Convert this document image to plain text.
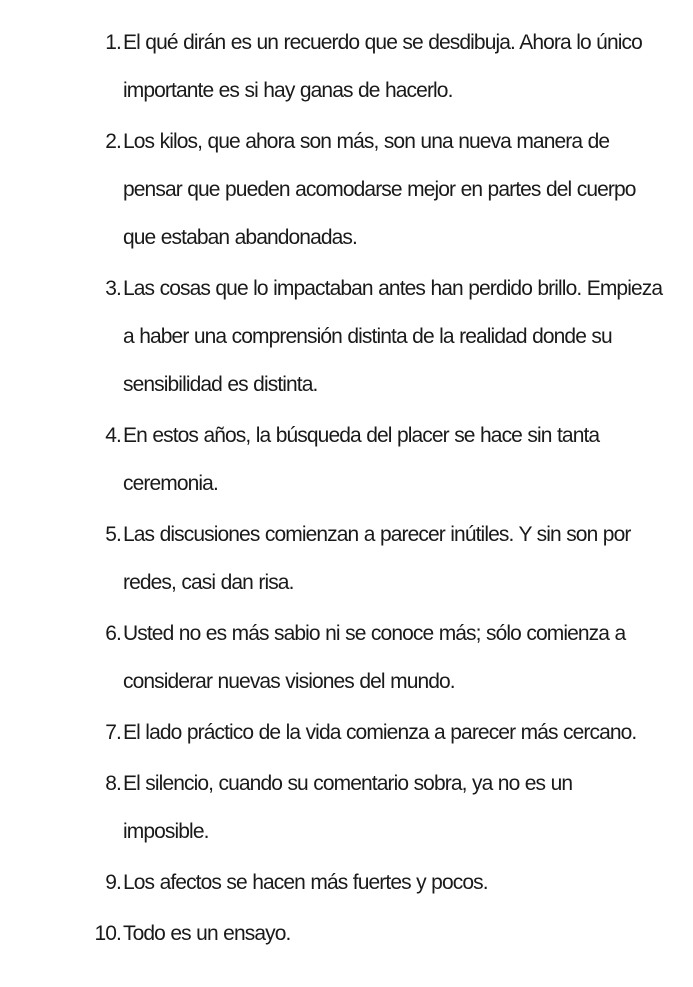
1. El qué dirán es un recuerdo que se desdibuja. Ahora lo único importante es si hay ganas de hacerlo.
2. Los kilos, que ahora son más, son una nueva manera de pensar que pueden acomodarse mejor en partes del cuerpo que estaban abandonadas.
3. Las cosas que lo impactaban antes han perdido brillo. Empieza a haber una comprensión distinta de la realidad donde su sensibilidad es distinta.
4. En estos años, la búsqueda del placer se hace sin tanta ceremonia.
5. Las discusiones comienzan a parecer inútiles. Y sin son por redes, casi dan risa.
6. Usted no es más sabio ni se conoce más; sólo comienza a considerar nuevas visiones del mundo.
7. El lado práctico de la vida comienza a parecer más cercano.
8. El silencio, cuando su comentario sobra, ya no es un imposible.
9. Los afectos se hacen más fuertes y pocos.
10. Todo es un ensayo.
